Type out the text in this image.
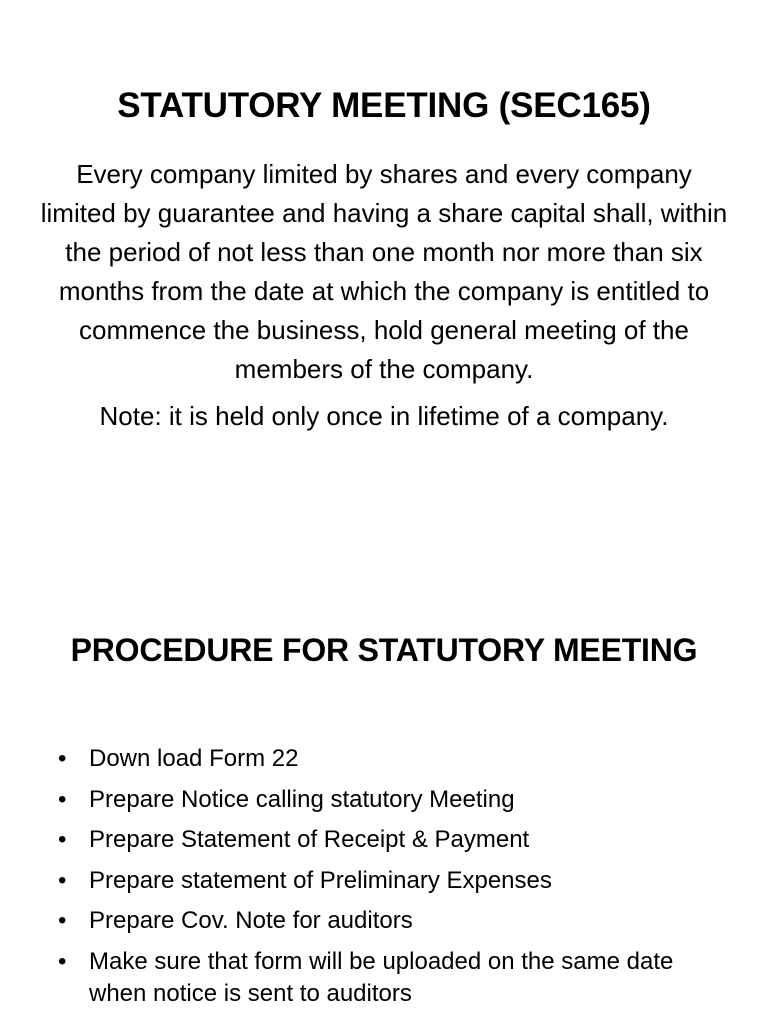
STATUTORY MEETING (SEC165)

Every company limited by shares and every company limited by guarantee and having a share capital shall, within the period of not less than one month nor more than six months from the date at which the company is entitled to commence the business, hold general meeting of the members of the company.

Note: it is held only once in lifetime of a company.

PROCEDURE FOR STATUTORY MEETING
• Down load Form 22
• Prepare Notice calling statutory Meeting
• Prepare Statement of Receipt & Payment
• Prepare statement of Preliminary Expenses
• Prepare Cov. Note for auditors
• Make sure that form will be uploaded on the same date when notice is sent to auditors
